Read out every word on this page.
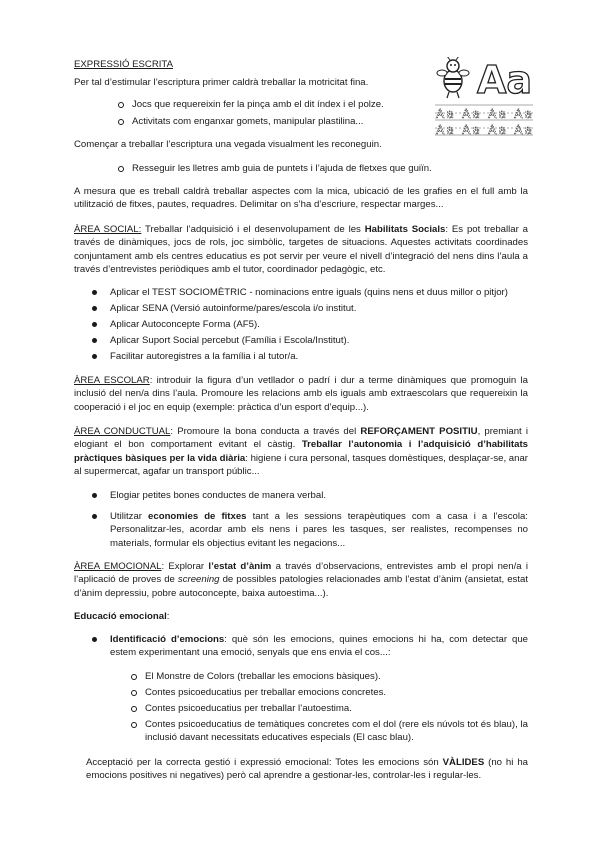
Aa
Aa Aa Aa Aa
Aa Aa Aa Aa
EXPRESSIÓ ESCRITA
Per tal d’estimular l’escriptura primer caldrà treballar la motricitat fina.
Jocs que requereixin fer la pinça amb el dit índex i el polze.
Activitats com enganxar gomets, manipular plastilina...
Començar a treballar l’escriptura una vegada visualment les reconeguin.
Resseguir les lletres amb guia de puntets i l’ajuda de fletxes que guiïn.
A mesura que es treball caldrà treballar aspectes com la mica, ubicació de les grafies en el full amb la utilització de fitxes, pautes, requadres. Delimitar on s’ha d’escriure, respectar marges...
ÀREA SOCIAL: Treballar l’adquisició i el desenvolupament de les Habilitats Socials: Es pot treballar a través de dinàmiques, jocs de rols, joc simbòlic, targetes de situacions. Aquestes activitats coordinades conjuntament amb els centres educatius es pot servir per veure el nivell d’integració del nens dins l’aula a través d’entrevistes periòdiques amb el tutor, coordinador pedagògic, etc.
Aplicar el TEST SOCIOMÈTRIC - nominacions entre iguals (quins nens et duus millor o pitjor)
Aplicar SENA (Versió autoinforme/pares/escola i/o institut.
Aplicar Autoconcepte Forma (AF5).
Aplicar Suport Social percebut (Família i Escola/Institut).
Facilitar autoregistres a la família i al tutor/a.
ÀREA ESCOLAR: introduir la figura d’un vetllador o padrí i dur a terme dinàmiques que promoguin la inclusió del nen/a dins l’aula. Promoure les relacions amb els iguals amb extraescolars que requereixin la cooperació i el joc en equip (exemple: pràctica d’un esport d’equip...).
ÀREA CONDUCTUAL: Promoure la bona conducta a través del REFORÇAMENT POSITIU, premiant i elogiant el bon comportament evitant el càstig. Treballar l’autonomia i l’adquisició d’habilitats pràctiques bàsiques per la vida diària: higiene i cura personal, tasques domèstiques, desplaçar-se, anar al supermercat, agafar un transport públic...
Elogiar petites bones conductes de manera verbal.
Utilitzar economies de fitxes tant a les sessions terapèutiques com a casa i a l’escola: Personalitzar-les, acordar amb els nens i pares les tasques, ser realistes, recompenses no materials, formular els objectius evitant les negacions...
ÀREA EMOCIONAL: Explorar l’estat d’ànim a través d’observacions, entrevistes amb el propi nen/a i l’aplicació de proves de screening de possibles patologies relacionades amb l’estat d’ànim (ansietat, estat d’ànim depressiu, pobre autoconcepte, baixa autoestima...).
Educació emocional:
Identificació d’emocions: què són les emocions, quines emocions hi ha, com detectar que estem experimentant una emoció, senyals que ens envia el cos...:
El Monstre de Colors (treballar les emocions bàsiques).
Contes psicoeducatius per treballar emocions concretes.
Contes psicoeducatius per treballar l’autoestima.
Contes psicoeducatius de temàtiques concretes com el dol (rere els núvols tot és blau), la inclusió davant necessitats educatives especials (El casc blau).
Acceptació per la correcta gestió i expressió emocional: Totes les emocions són VÀLIDES (no hi ha emocions positives ni negatives) però cal aprendre a gestionar-les, controlar-les i regular-les.
